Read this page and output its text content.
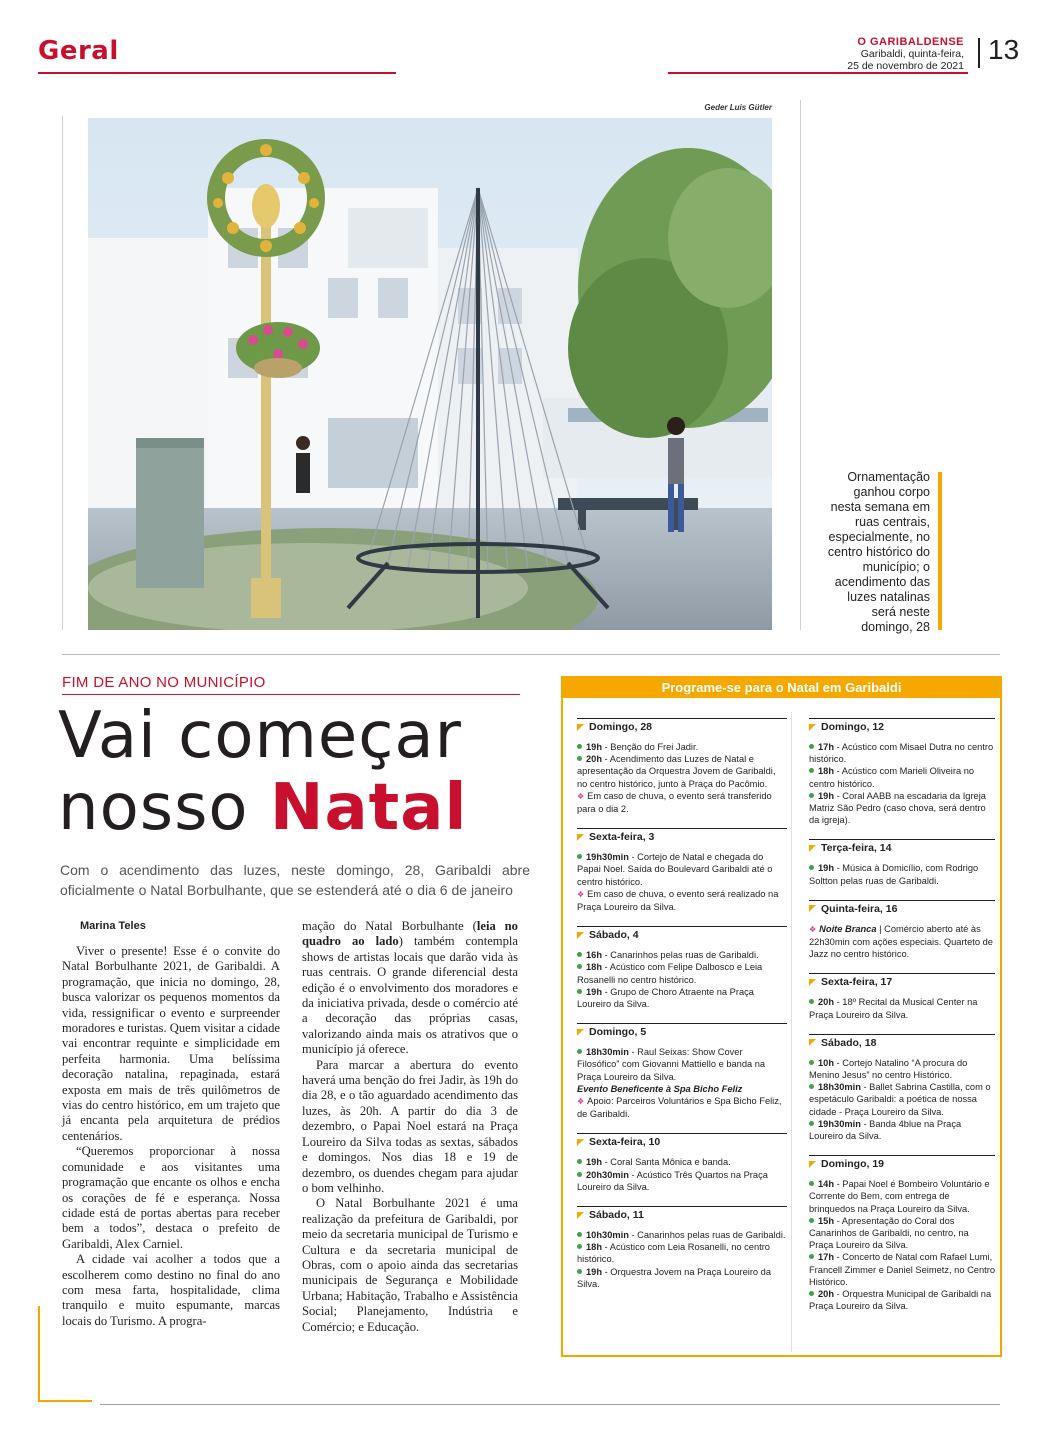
Geral	O GARIBALDENSE
Garibaldi, quinta-feira,
25 de novembro de 2021
13
Geder Luis Gütler
Ornamentação ganhou corpo nesta semana em ruas centrais, especialmente, no centro histórico do município; o acendimento das luzes natalinas será neste domingo, 28
FIM DE ANO NO MUNICÍPIO
Vai começar
nosso Natal
Com o acendimento das luzes, neste domingo, 28, Garibaldi abre oficialmente o Natal Borbulhante, que se estenderá até o dia 6 de janeiro
Marina Teles

Viver o presente! Esse é o convite do Natal Borbulhante 2021, de Garibaldi. A programação, que inicia no domingo, 28, busca valorizar os pequenos momentos da vida, ressignificar o evento e surpreender moradores e turistas. Quem visitar a cidade vai encontrar requinte e simplicidade em perfeita harmonia. Uma belíssima decoração natalina, repaginada, estará exposta em mais de três quilômetros de vias do centro histórico, em um trajeto que já encanta pela arquitetura de prédios centenários.

“Queremos proporcionar à nossa comunidade e aos visitantes uma programação que encante os olhos e encha os corações de fé e esperança. Nossa cidade está de portas abertas para receber bem a todos”, destaca o prefeito de Garibaldi, Alex Carniel.

A cidade vai acolher a todos que a escolherem como destino no final do ano com mesa farta, hospitalidade, clima tranquilo e muito espumante, marcas locais do Turismo. A progra-

mação do Natal Borbulhante (leia no quadro ao lado) também contempla shows de artistas locais que darão vida às ruas centrais. O grande diferencial desta edição é o envolvimento dos moradores e da iniciativa privada, desde o comércio até a decoração das próprias casas, valorizando ainda mais os atrativos que o município já oferece.

Para marcar a abertura do evento haverá uma benção do frei Jadir, às 19h do dia 28, e o tão aguardado acendimento das luzes, às 20h. A partir do dia 3 de dezembro, o Papai Noel estará na Praça Loureiro da Silva todas as sextas, sábados e domingos. Nos dias 18 e 19 de dezembro, os duendes chegam para ajudar o bom velhinho.

O Natal Borbulhante 2021 é uma realização da prefeitura de Garibaldi, por meio da secretaria municipal de Turismo e Cultura e da secretaria municipal de Obras, com o apoio ainda das secretarias municipais de Segurança e Mobilidade Urbana; Habitação, Trabalho e Assistência Social; Planejamento, Indústria e Comércio; e Educação.

Programe-se para o Natal em Garibaldi
Domingo, 28
19h - Benção do Frei Jadir.
20h - Acendimento das Luzes de Natal e apresentação da Orquestra Jovem de Garibaldi, no centro histórico, junto à Praça do Pacômio.
❖ Em caso de chuva, o evento será transferido para o dia 2.
Sexta-feira, 3
19h30min - Cortejo de Natal e chegada do Papai Noel. Saída do Boulevard Garibaldi até o centro histórico.
❖ Em caso de chuva, o evento será realizado na Praça Loureiro da Silva.
Sábado, 4
16h - Canarinhos pelas ruas de Garibaldi.
18h - Acústico com Felipe Dalbosco e Leia Rosanelli no centro histórico.
19h - Grupo de Choro Atraente na Praça Loureiro da Silva.
Domingo, 5
18h30min - Raul Seixas: Show Cover Filosófico” com Giovanni Mattiello e banda na Praça Loureiro da Silva.
Evento Beneficente à Spa Bicho Feliz
❖ Apoio: Parceiros Voluntários e Spa Bicho Feliz, de Garibaldi.
Sexta-feira, 10
19h - Coral Santa Mônica e banda.
20h30min - Acústico Três Quartos na Praça Loureiro da Silva.
Sábado, 11
10h30min - Canarinhos pelas ruas de Garibaldi.
18h - Acústico com Leia Rosanelli, no centro histórico.
19h - Orquestra Jovem na Praça Loureiro da Silva.
Domingo, 12
17h - Acústico com Misael Dutra no centro histórico.
18h - Acústico com Marieli Oliveira no centro histórico.
19h - Coral AABB na escadaria da Igreja Matriz São Pedro (caso chova, será dentro da igreja).
Terça-feira, 14
19h - Música à Domicílio, com Rodrigo Soltton pelas ruas de Garibaldi.
Quinta-feira, 16
❖ Noite Branca | Comércio aberto até às 22h30min com ações especiais. Quarteto de Jazz no centro histórico.
Sexta-feira, 17
20h - 18º Recital da Musical Center na Praça Loureiro da Silva.
Sábado, 18
10h - Cortejo Natalino “A procura do Menino Jesus” no centro Histórico.
18h30min - Ballet Sabrina Castilla, com o espetáculo Garibaldi: a poética de nossa cidade - Praça Loureiro da Silva.
19h30min - Banda 4blue na Praça Loureiro da Silva.
Domingo, 19
14h - Papai Noel é Bombeiro Voluntário e Corrente do Bem, com entrega de brinquedos na Praça Loureiro da Silva.
15h - Apresentação do Coral dos Canarinhos de Garibaldi, no centro, na Praça Loureiro da Silva.
17h - Concerto de Natal com Rafael Lumi, Francell Zimmer e Daniel Seimetz, no Centro Histórico.
20h - Orquestra Municipal de Garibaldi na Praça Loureiro da Silva.
